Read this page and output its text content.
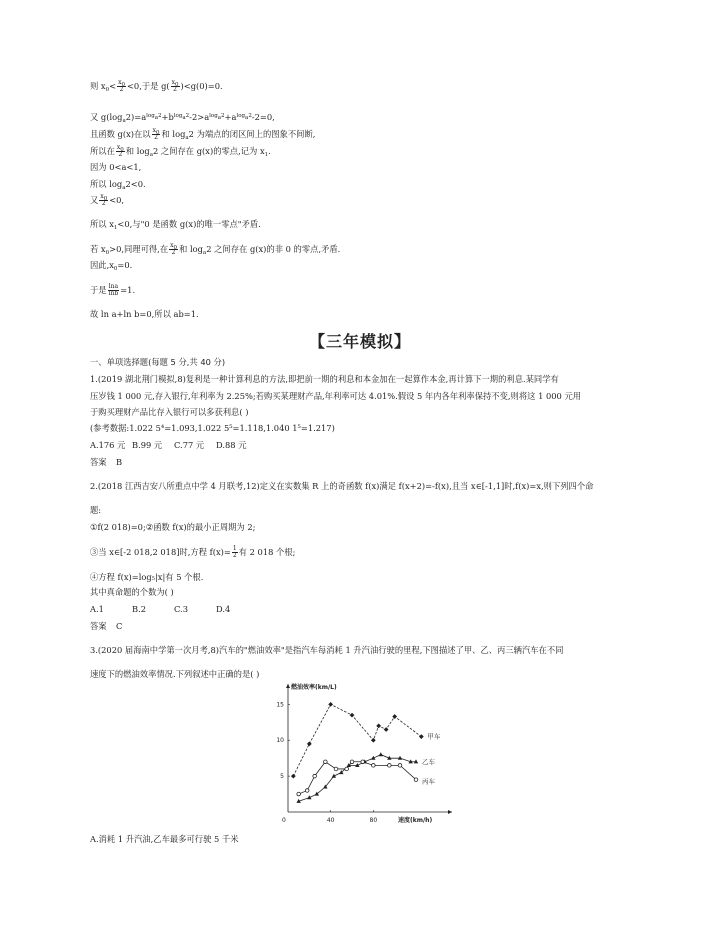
则 $x_0< \frac{x_0}{2} <0$,于是 $g( \frac{x_0}{2} )<g(0)=0$.
又 $g(\log_a2)=a^{log_a2}+b^{log_a2}-2>a^{log_a2}+a^{log_a2}-2=0$,
且函数 g(x)在以 $\frac{x_0}{2}$ 和 $\log_a2$ 为端点的闭区间上的图象不间断,
所以在 $\frac{x_0}{2}$ 和 $\log_a2$ 之间存在 g(x)的零点,记为 $x_1$.
因为 0<a<1,
所以 $\log_a2<0$.
又 $\frac{x_0}{2} <0$,
所以 $x_1<0$,与"0 是函数 g(x)的唯一零点"矛盾.
若 $x_0>0$,同理可得,在 $\frac{x_0}{2}$ 和 $\log_a2$ 之间存在 g(x)的非 0 的零点,矛盾.
因此$,x_0=0$.
于是 $\frac{\ln a}{\ln b} =1$.
故 ln a+ln b=0,所以 ab=1.
【三年模拟】
一、单项选择题(每题 5 分,共 40 分)
1.(2019 湖北荆门模拟,8)复利是一种计算利息的方法,即把前一期的利息和本金加在一起算作本金,再计算下一期的利息.某同学有
压岁钱 1 000 元,存入银行,年利率为 2.25%;若购买某理财产品,年利率可达 4.01%.假设 5 年内各年利率保持不变,则将这 1 000 元用
于购买理财产品比存入银行可以多获利息( )
(参考数据:1.022 5⁴=1.093,1.022 5⁵=1.118,1.040 1⁵=1.217)
A.176 元 B.99 元 C.77 元 D.88 元
答案 B
2.(2018 江西吉安八所重点中学 4 月联考,12)定义在实数集 R 上的奇函数 f(x)满足 f(x+2)=-f(x),且当 x∈[-1,1]时,f(x)=x,则下列四个命
题:
①f(2 018)=0;②函数 f(x)的最小正周期为 2;
③当 x∈[-2 018,2 018]时,方程 $f(x)= \frac{1}{2}$ 有 2 018 个根;
④方程 f(x)=log₅|x|有 5 个根.
其中真命题的个数为( )
A.1	B.2	C.3	D.4
答案 C
3.(2020 届海南中学第一次月考,8)汽车的"燃油效率"是指汽车每消耗 1 升汽油行驶的里程,下图描述了甲、乙、丙三辆汽车在不同
速度下的燃油效率情况.下列叙述中正确的是( )
0	40	80
5
10
15
燃油效率(km/L)
速度(km/h)
甲车
乙车
丙车
A.消耗 1 升汽油,乙车最多可行驶 5 千米
